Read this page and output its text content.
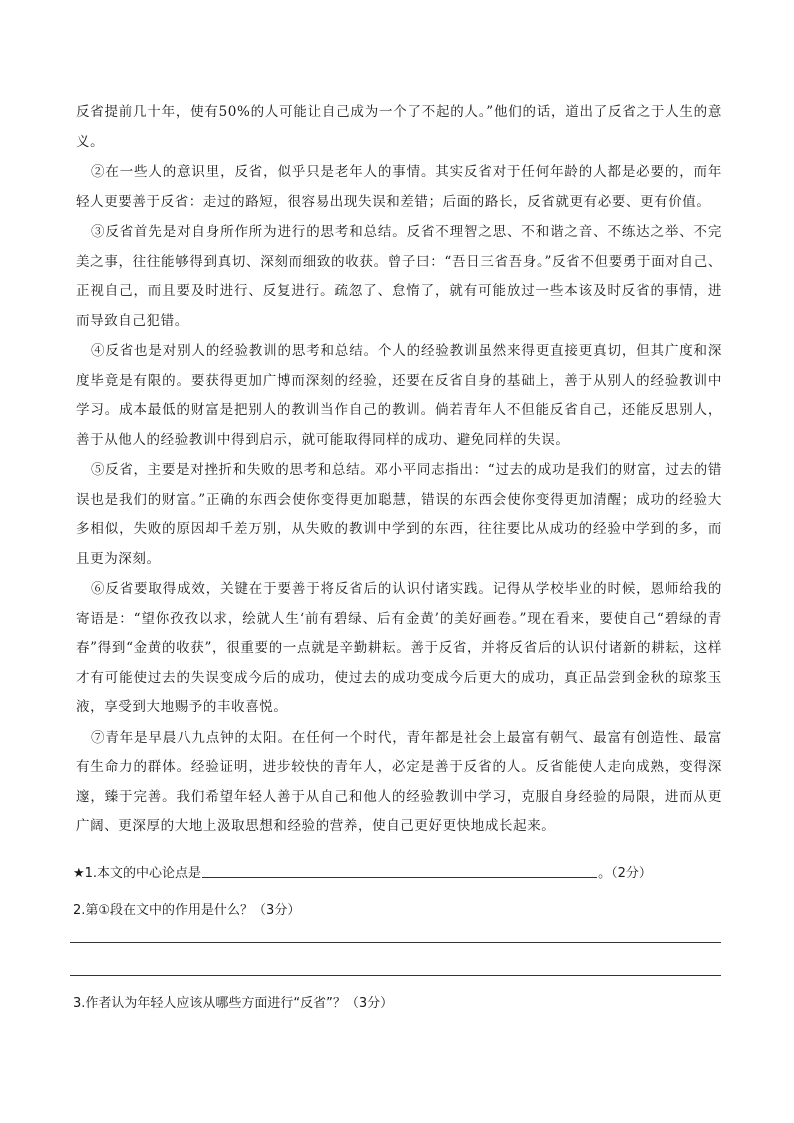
反省提前几十年，使有50%的人可能让自己成为一个了不起的人。”他们的话，道出了反省之于人生的意义。

②在一些人的意识里，反省，似乎只是老年人的事情。其实反省对于任何年龄的人都是必要的，而年轻人更要善于反省：走过的路短，很容易出现失误和差错；后面的路长，反省就更有必要、更有价值。

③反省首先是对自身所作所为进行的思考和总结。反省不理智之思、不和谐之音、不练达之举、不完美之事，往往能够得到真切、深刻而细致的收获。曾子曰：“吾日三省吾身。”反省不但要勇于面对自己、正视自己，而且要及时进行、反复进行。疏忽了、怠惰了，就有可能放过一些本该及时反省的事情，进而导致自己犯错。

④反省也是对别人的经验教训的思考和总结。个人的经验教训虽然来得更直接更真切，但其广度和深度毕竟是有限的。要获得更加广博而深刻的经验，还要在反省自身的基础上，善于从别人的经验教训中学习。成本最低的财富是把别人的教训当作自己的教训。倘若青年人不但能反省自己，还能反思别人，善于从他人的经验教训中得到启示，就可能取得同样的成功、避免同样的失误。

⑤反省，主要是对挫折和失败的思考和总结。邓小平同志指出：“过去的成功是我们的财富，过去的错误也是我们的财富。”正确的东西会使你变得更加聪慧，错误的东西会使你变得更加清醒；成功的经验大多相似，失败的原因却千差万别，从失败的教训中学到的东西，往往要比从成功的经验中学到的多，而且更为深刻。

⑥反省要取得成效，关键在于要善于将反省后的认识付诸实践。记得从学校毕业的时候，恩师给我的寄语是：“望你孜孜以求，绘就人生‘前有碧绿、后有金黄’的美好画卷。”现在看来，要使自己“碧绿的青春”得到“金黄的收获”，很重要的一点就是辛勤耕耘。善于反省，并将反省后的认识付诸新的耕耘，这样才有可能使过去的失误变成今后的成功，使过去的成功变成今后更大的成功，真正品尝到金秋的琼浆玉液，享受到大地赐予的丰收喜悦。

⑦青年是早晨八九点钟的太阳。在任何一个时代，青年都是社会上最富有朝气、最富有创造性、最富有生命力的群体。经验证明，进步较快的青年人，必定是善于反省的人。反省能使人走向成熟，变得深邃，臻于完善。我们希望年轻人善于从自己和他人的经验教训中学习，克服自身经验的局限，进而从更广阔、更深厚的大地上汲取思想和经验的营养，使自己更好更快地成长起来。

★1.本文的中心论点是	。（2分）
2.第①段在文中的作用是什么？（3分）
3.作者认为年轻人应该从哪些方面进行“反省”？（3分）
